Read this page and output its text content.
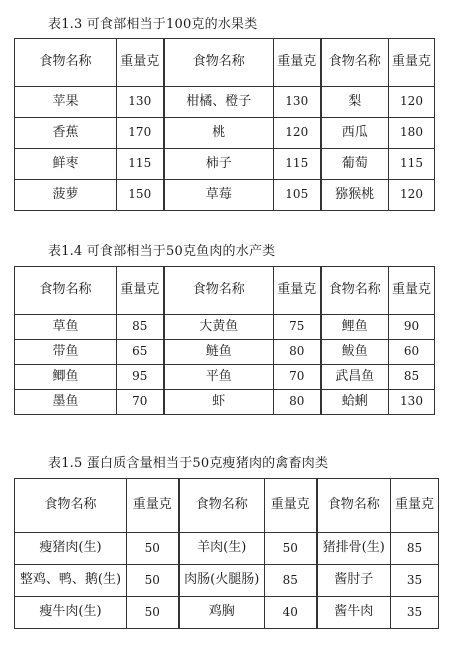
表1.3 可食部相当于100克的水果类
食物名称	重量克	食物名称	重量克	食物名称	重量克
苹果	130	柑橘、橙子	130	梨	120
香蕉	170	桃	120	西瓜	180
鲜枣	115	柿子	115	葡萄	115
菠萝	150	草莓	105	猕猴桃	120
表1.4 可食部相当于50克鱼肉的水产类
食物名称	重量克	食物名称	重量克	食物名称	重量克
草鱼	85	大黄鱼	75	鲤鱼	90
带鱼	65	鲢鱼	80	鲅鱼	60
鲫鱼	95	平鱼	70	武昌鱼	85
墨鱼	70	虾	80	蛤蜊	130
表1.5 蛋白质含量相当于50克瘦猪肉的禽畜肉类
食物名称	重量克	食物名称	重量克	食物名称	重量克
瘦猪肉(生)	50	羊肉(生)	50	猪排骨(生)	85
整鸡、鸭、鹅(生)	50	肉肠(火腿肠)	85	酱肘子	35
瘦牛肉(生)	50	鸡胸	40	酱牛肉	35
